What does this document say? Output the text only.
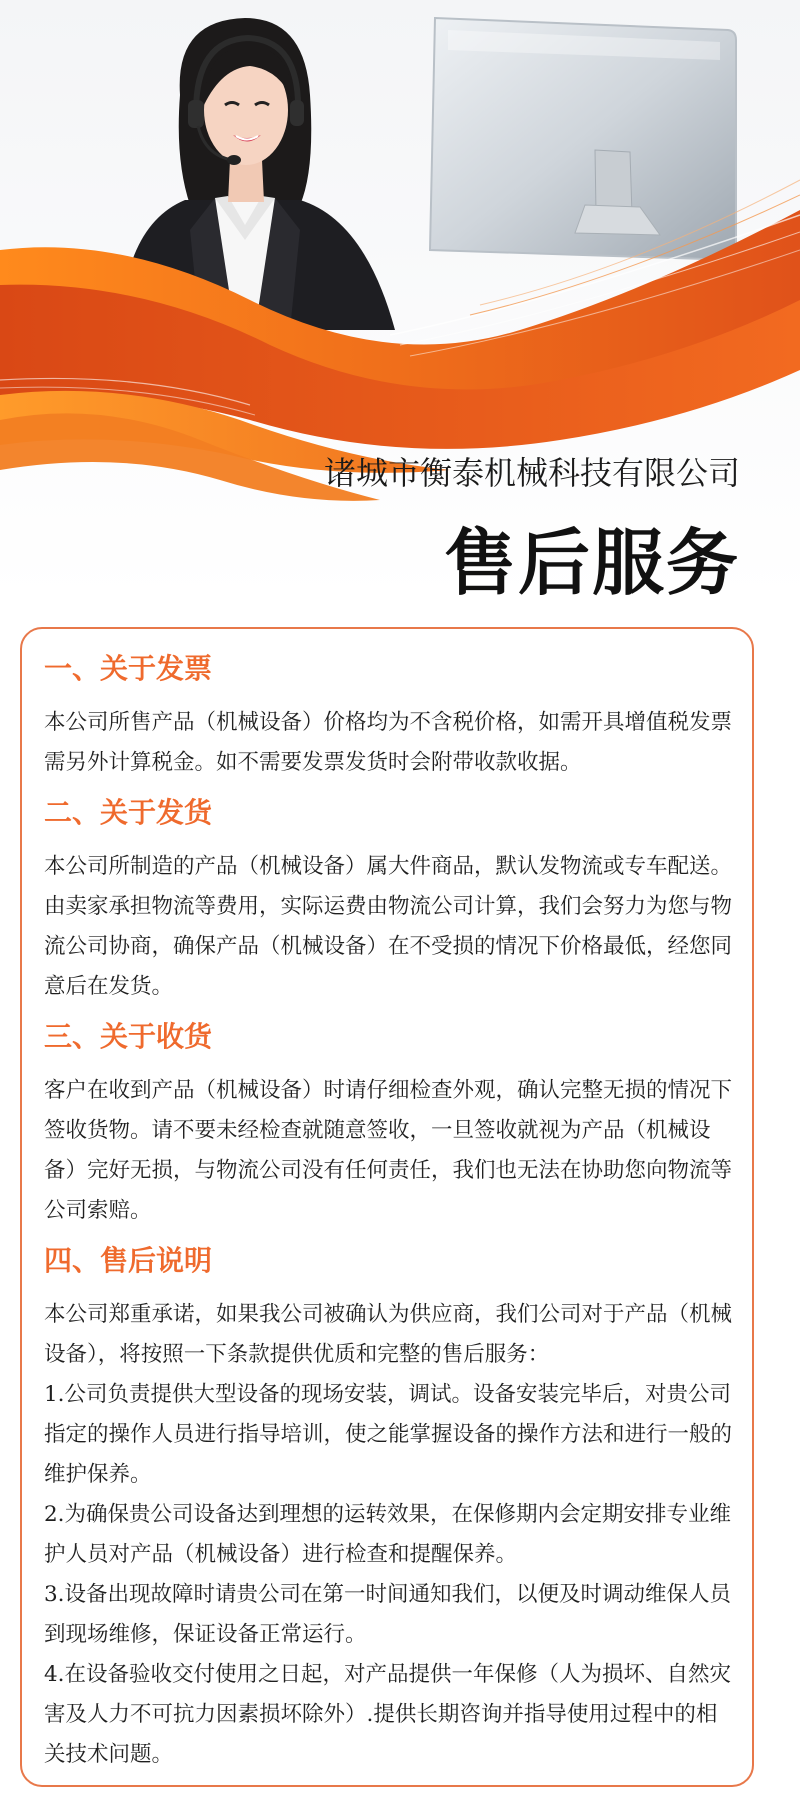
诸城市衡泰机械科技有限公司
售后服务
一、关于发票

本公司所售产品（机械设备）价格均为不含税价格，如需开具增值税发票需另外计算税金。如不需要发票发货时会附带收款收据。

二、关于发货

本公司所制造的产品（机械设备）属大件商品，默认发物流或专车配送。由卖家承担物流等费用，实际运费由物流公司计算，我们会努力为您与物流公司协商，确保产品（机械设备）在不受损的情况下价格最低，经您同意后在发货。

三、关于收货

客户在收到产品（机械设备）时请仔细检查外观，确认完整无损的情况下签收货物。请不要未经检查就随意签收，一旦签收就视为产品（机械设备）完好无损，与物流公司没有任何责任，我们也无法在协助您向物流等公司索赔。

四、售后说明

本公司郑重承诺，如果我公司被确认为供应商，我们公司对于产品（机械设备），将按照一下条款提供优质和完整的售后服务：

1.公司负责提供大型设备的现场安装，调试。设备安装完毕后，对贵公司指定的操作人员进行指导培训，使之能掌握设备的操作方法和进行一般的维护保养。

2.为确保贵公司设备达到理想的运转效果，在保修期内会定期安排专业维护人员对产品（机械设备）进行检查和提醒保养。

3.设备出现故障时请贵公司在第一时间通知我们，以便及时调动维保人员到现场维修，保证设备正常运行。

4.在设备验收交付使用之日起，对产品提供一年保修（人为损坏、自然灾害及人力不可抗力因素损坏除外）.提供长期咨询并指导使用过程中的相关技术问题。
